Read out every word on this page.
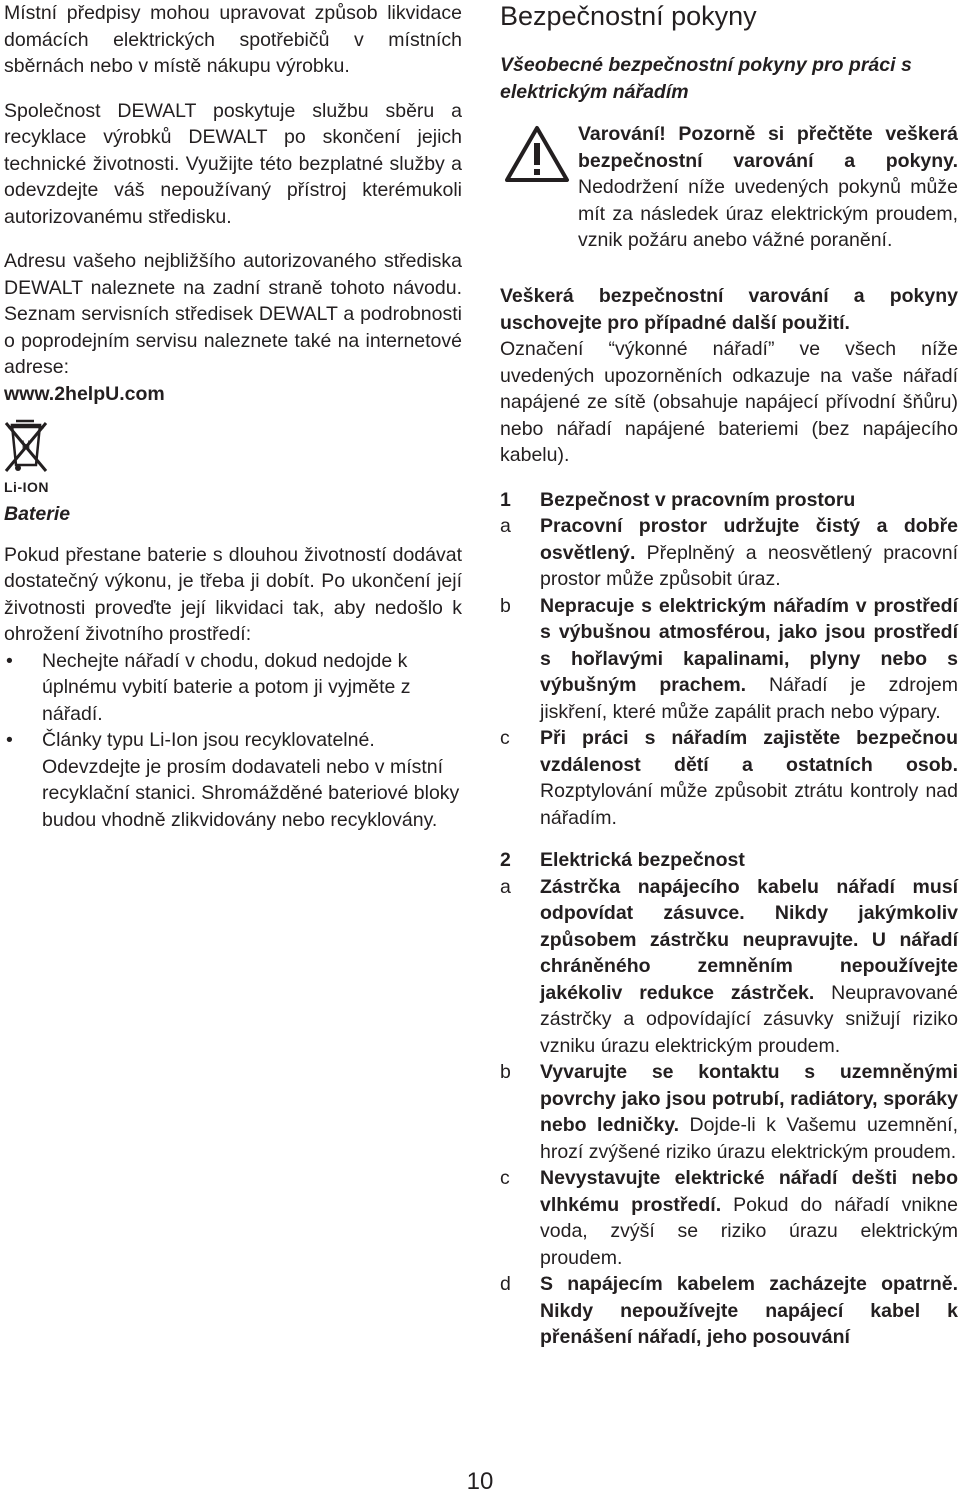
Místní předpisy mohou upravovat způsob likvidace domácích elektrických spotřebičů v místních sběrnách nebo v místě nákupu výrobku.

Společnost DEWALT poskytuje službu sběru a recyklace výrobků DEWALT po skončení jejich technické životnosti. Využijte této bezplatné služby a odevzdejte váš nepoužívaný přístroj kterémukoli autorizovanému středisku.

Adresu vašeho nejbližšího autorizovaného střediska DEWALT naleznete na zadní straně tohoto návodu. Seznam servisních středisek DEWALT a podrobnosti o poprodejním servisu naleznete také na internetové adrese:

www.2helpU.com

Li-ION
Baterie

Pokud přestane baterie s dlouhou životností dodávat dostatečný výkonu, je třeba ji dobít. Po ukončení její životnosti proveďte její likvidaci tak, aby nedošlo k ohrožení životního prostředí:

• Nechejte nářadí v chodu, dokud nedojde k úplnému vybití baterie a potom ji vyjměte z nářadí.
• Články typu Li-Ion jsou recyklovatelné. Odevzdejte je prosím dodavateli nebo v místní recyklační stanici. Shromážděné bateriové bloky budou vhodně zlikvidovány nebo recyklovány.
Bezpečnostní pokyny
Všeobecné bezpečnostní pokyny pro práci s elektrickým nářadím

Varování! Pozorně si přečtěte veškerá bezpečnostní varování a pokyny. Nedodržení níže uvedených pokynů může mít za následek úraz elektrickým proudem, vznik požáru anebo vážné poranění.

Veškerá bezpečnostní varování a pokyny uschovejte pro případné další použití.

Označení “výkonné nářadí” ve všech níže uvedených upozorněních odkazuje na vaše nářadí napájené ze sítě (obsahuje napájecí přívodní šňůru) nebo nářadí napájené bateriemi (bez napájecího kabelu).

1 Bezpečnost v pracovním prostoru
a Pracovní prostor udržujte čistý a dobře osvětlený. Přeplněný a neosvětlený pracovní prostor může způsobit úraz.
b Nepracuje s elektrickým nářadím v prostředí s výbušnou atmosférou, jako jsou prostředí s hořlavými kapalinami, plyny nebo s výbušným prachem. Nářadí je zdrojem jiskření, které může zapálit prach nebo výpary.
c Při práci s nářadím zajistěte bezpečnou vzdálenost dětí a ostatních osob. Rozptylování může způsobit ztrátu kontroly nad nářadím.
2 Elektrická bezpečnost
a Zástrčka napájecího kabelu nářadí musí odpovídat zásuvce. Nikdy jakýmkoliv způsobem zástrčku neupravujte. U nářadí chráněného zemněním nepoužívejte jakékoliv redukce zástrček. Neupravované zástrčky a odpovídající zásuvky snižují riziko vzniku úrazu elektrickým proudem.
b Vyvarujte se kontaktu s uzemněnými povrchy jako jsou potrubí, radiátory, sporáky nebo ledničky. Dojde-li k Vašemu uzemnění, hrozí zvýšené riziko úrazu elektrickým proudem.
c Nevystavujte elektrické nářadí dešti nebo vlhkému prostředí. Pokud do nářadí vnikne voda, zvýší se riziko úrazu elektrickým proudem.
d S napájecím kabelem zacházejte opatrně. Nikdy nepoužívejte napájecí kabel k přenášení nářadí, jeho posouvání
10
